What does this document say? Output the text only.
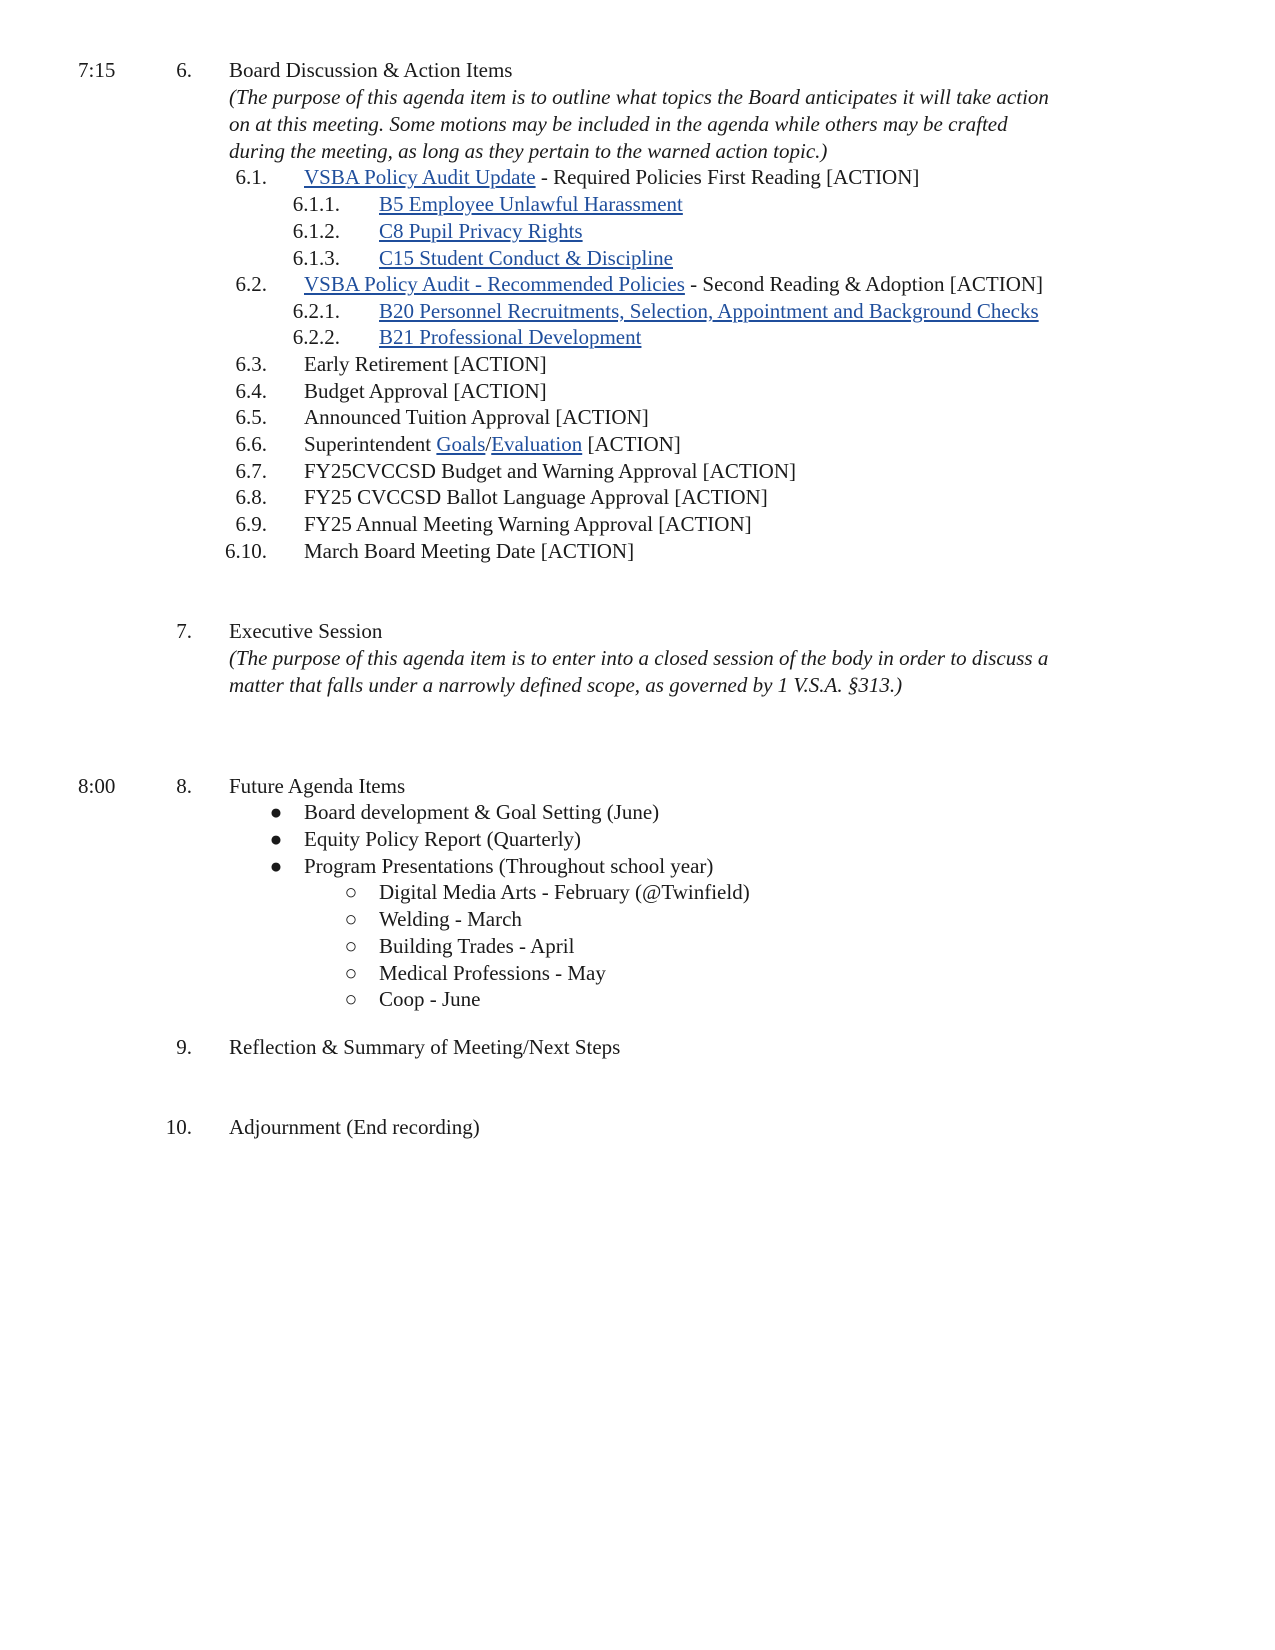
7:15	6. Board Discussion & Action Items
(The purpose of this agenda item is to outline what topics the Board anticipates it will take action
on at this meeting. Some motions may be included in the agenda while others may be crafted
during the meeting, as long as they pertain to the warned action topic.)
6.1. VSBA Policy Audit Update - Required Policies First Reading [ACTION]
6.1.1. B5 Employee Unlawful Harassment
6.1.2. C8 Pupil Privacy Rights
6.1.3. C15 Student Conduct & Discipline
6.2. VSBA Policy Audit - Recommended Policies - Second Reading & Adoption [ACTION]
6.2.1. B20 Personnel Recruitments, Selection, Appointment and Background Checks
6.2.2. B21 Professional Development
6.3. Early Retirement [ACTION]
6.4. Budget Approval [ACTION]
6.5. Announced Tuition Approval [ACTION]
6.6. Superintendent Goals/Evaluation [ACTION]
6.7. FY25CVCCSD Budget and Warning Approval [ACTION]
6.8. FY25 CVCCSD Ballot Language Approval [ACTION]
6.9. FY25 Annual Meeting Warning Approval [ACTION]
6.10. March Board Meeting Date [ACTION]
7. Executive Session
(The purpose of this agenda item is to enter into a closed session of the body in order to discuss a
matter that falls under a narrowly defined scope, as governed by 1 V.S.A. §313.)
8:00	8. Future Agenda Items
● Board development & Goal Setting (June)
● Equity Policy Report (Quarterly)
● Program Presentations (Throughout school year)
○ Digital Media Arts - February (@Twinfield)
○ Welding - March
○ Building Trades - April
○ Medical Professions - May
○ Coop - June
9. Reflection & Summary of Meeting/Next Steps
10. Adjournment (End recording)
